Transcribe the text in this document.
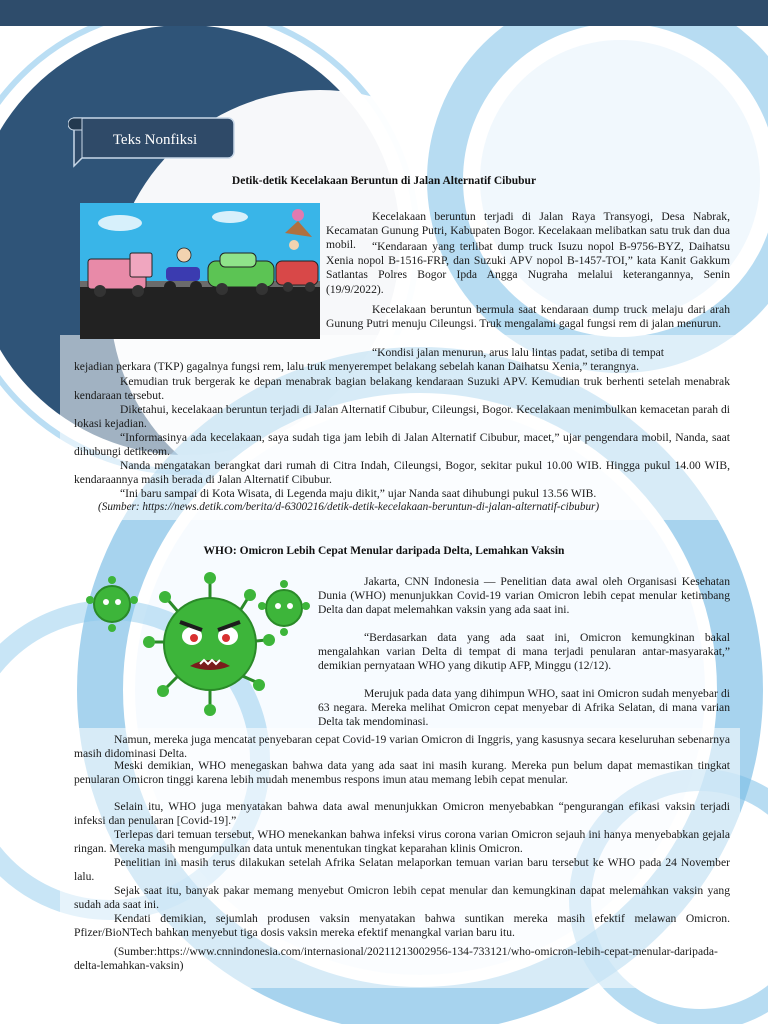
Teks Nonfiksi
Detik-detik Kecelakaan Beruntun di Jalan Alternatif Cibubur

Kecelakaan beruntun terjadi di Jalan Raya Transyogi, Desa Nabrak, Kecamatan Gunung Putri, Kabupaten Bogor. Kecelakaan melibatkan satu truk dan dua mobil.	“Kendaraan yang terlibat dump truck Isuzu nopol B-9756-BYZ, Daihatsu Xenia nopol B-1516-FRP, dan Suzuki APV nopol B-1457-TOI,” kata Kanit Gakkum Satlantas Polres Bogor Ipda Angga Nugraha melalui keterangannya, Senin (19/9/2022).

Kecelakaan beruntun bermula saat kendaraan dump truck melaju dari arah Gunung Putri menuju Cileungsi. Truk mengalami gagal fungsi rem di jalan menurun.

“Kondisi jalan menurun, arus lalu lintas padat, setiba di tempat

kejadian perkara (TKP) gagalnya fungsi rem, lalu truk menyerempet belakang sebelah kanan Daihatsu Xenia,” terangnya.

Kemudian truk bergerak ke depan menabrak bagian belakang kendaraan Suzuki APV. Kemudian truk berhenti setelah menabrak kendaraan tersebut.

Diketahui, kecelakaan beruntun terjadi di Jalan Alternatif Cibubur, Cileungsi, Bogor. Kecelakaan menimbulkan kemacetan parah di lokasi kejadian.

“Informasinya ada kecelakaan, saya sudah tiga jam lebih di Jalan Alternatif Cibubur, macet,” ujar pengendara mobil, Nanda, saat dihubungi detikcom.

Nanda mengatakan berangkat dari rumah di Citra Indah, Cileungsi, Bogor, sekitar pukul 10.00 WIB. Hingga pukul 14.00 WIB, kendaraannya masih berada di Jalan Alternatif Cibubur.

“Ini baru sampai di Kota Wisata, di Legenda maju dikit,” ujar Nanda saat dihubungi pukul 13.56 WIB.

(Sumber: https://news.detik.com/berita/d-6300216/detik-detik-kecelakaan-beruntun-di-jalan-alternatif-cibubur)
WHO: Omicron Lebih Cepat Menular daripada Delta, Lemahkan Vaksin

Jakarta, CNN Indonesia — Penelitian data awal oleh Organisasi Kesehatan Dunia (WHO) menunjukkan Covid-19 varian Omicron lebih cepat menular ketimbang Delta dan dapat melemahkan vaksin yang ada saat ini.

“Berdasarkan data yang ada saat ini, Omicron kemungkinan bakal mengalahkan varian Delta di tempat di mana terjadi penularan antar-masyarakat,” demikian pernyataan WHO yang dikutip AFP, Minggu (12/12).

Merujuk pada data yang dihimpun WHO, saat ini Omicron sudah menyebar di 63 negara. Mereka melihat Omicron cepat menyebar di Afrika Selatan, di mana varian Delta tak mendominasi.

Namun, mereka juga mencatat penyebaran cepat Covid-19 varian Omicron di Inggris, yang kasusnya secara keseluruhan sebenarnya masih didominasi Delta.

Meski demikian, WHO menegaskan bahwa data yang ada saat ini masih kurang. Mereka pun belum dapat memastikan tingkat penularan Omicron tinggi karena lebih mudah menembus respons imun atau memang lebih cepat menular.

Selain itu, WHO juga menyatakan bahwa data awal menunjukkan Omicron menyebabkan “pengurangan efikasi vaksin terjadi infeksi dan penularan [Covid-19].”

Terlepas dari temuan tersebut, WHO menekankan bahwa infeksi virus corona varian Omicron sejauh ini hanya menyebabkan gejala ringan. Mereka masih mengumpulkan data untuk menentukan tingkat keparahan klinis Omicron.

Penelitian ini masih terus dilakukan setelah Afrika Selatan melaporkan temuan varian baru tersebut ke WHO pada 24 November lalu.

Sejak saat itu, banyak pakar memang menyebut Omicron lebih cepat menular dan kemungkinan dapat melemahkan vaksin yang sudah ada saat ini.

Kendati demikian, sejumlah produsen vaksin menyatakan bahwa suntikan mereka masih efektif melawan Omicron. Pfizer/BioNTech bahkan menyebut tiga dosis vaksin mereka efektif menangkal varian baru itu.

(Sumber:https://www.cnnindonesia.com/internasional/20211213002956-134-733121/who-omicron-lebih-cepat-menular-daripada-delta-lemahkan-vaksin)
